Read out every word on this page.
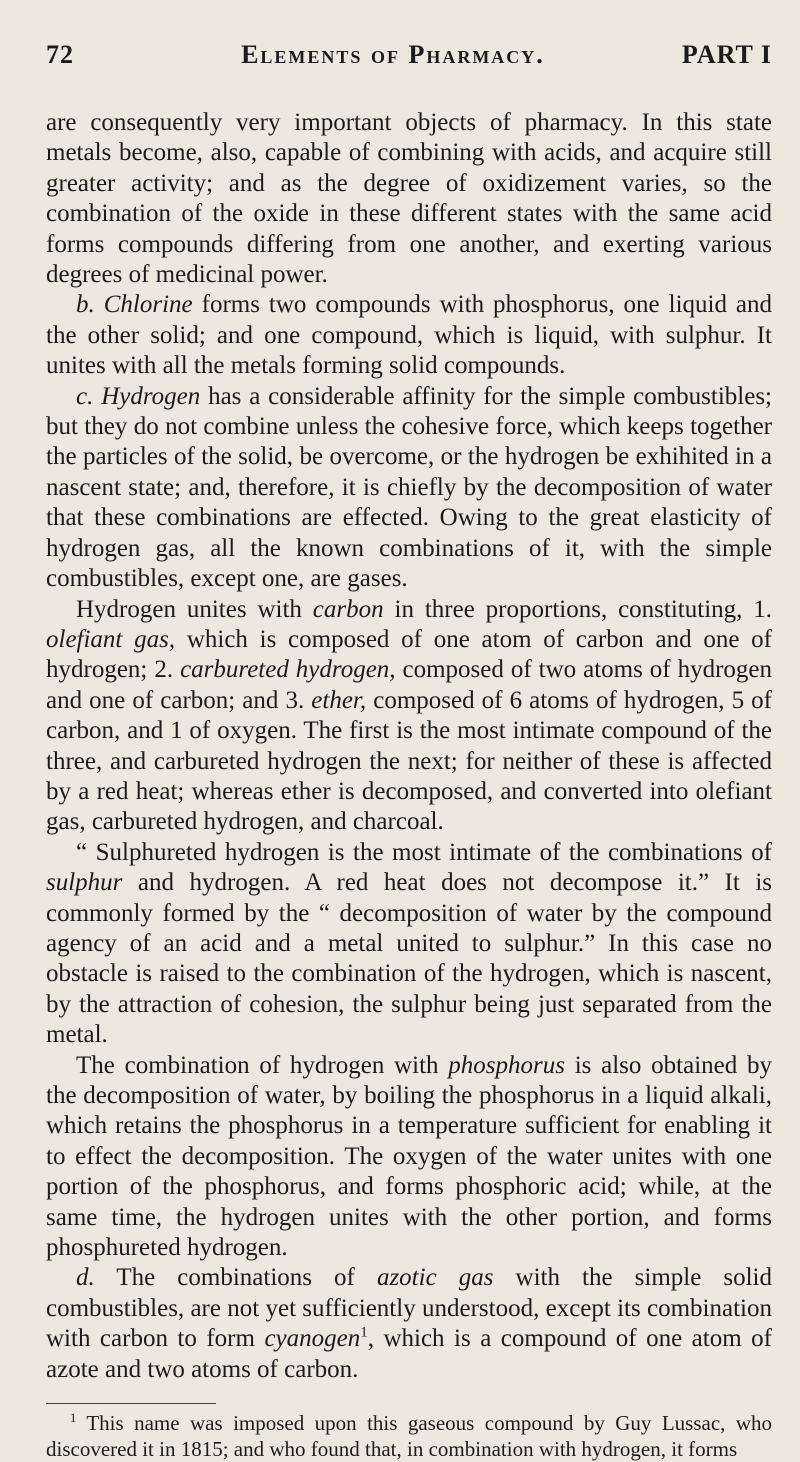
72	Elements of Pharmacy.	PART I

are consequently very important objects of pharmacy. In this state metals become, also, capable of combining with acids, and acquire still greater activity; and as the degree of oxidizement varies, so the combination of the oxide in these different states with the same acid forms compounds differing from one another, and exerting various degrees of medicinal power.

b. Chlorine forms two compounds with phosphorus, one liquid and the other solid; and one compound, which is liquid, with sulphur. It unites with all the metals forming solid compounds.

c. Hydrogen has a considerable affinity for the simple combustibles; but they do not combine unless the cohesive force, which keeps together the particles of the solid, be overcome, or the hydrogen be exhihited in a nascent state; and, therefore, it is chiefly by the decomposition of water that these combinations are effected. Owing to the great elasticity of hydrogen gas, all the known combinations of it, with the simple combustibles, except one, are gases.

Hydrogen unites with carbon in three proportions, constituting, 1. olefiant gas, which is composed of one atom of carbon and one of hydrogen; 2. carbureted hydrogen, composed of two atoms of hydrogen and one of carbon; and 3. ether, composed of 6 atoms of hydrogen, 5 of carbon, and 1 of oxygen. The first is the most intimate compound of the three, and carbureted hydrogen the next; for neither of these is affected by a red heat; whereas ether is decomposed, and converted into olefiant gas, carbureted hydrogen, and charcoal.

“ Sulphureted hydrogen is the most intimate of the combinations of sulphur and hydrogen. A red heat does not decompose it.” It is commonly formed by the “ decomposition of water by the compound agency of an acid and a metal united to sulphur.” In this case no obstacle is raised to the combination of the hydrogen, which is nascent, by the attraction of cohesion, the sulphur being just separated from the metal.

The combination of hydrogen with phosphorus is also obtained by the decomposition of water, by boiling the phosphorus in a liquid alkali, which retains the phosphorus in a temperature sufficient for enabling it to effect the decomposition. The oxygen of the water unites with one portion of the phosphorus, and forms phosphoric acid; while, at the same time, the hydrogen unites with the other portion, and forms phosphureted hydrogen.

d. The combinations of azotic gas with the simple solid combustibles, are not yet sufficiently understood, except its combination with carbon to form cyanogen$^1$, which is a compound of one atom of azote and two atoms of carbon.

$^1$ This name was imposed upon this gaseous compound by Guy Lussac, who discovered it in 1815; and who found that, in combination with hydrogen, it forms
